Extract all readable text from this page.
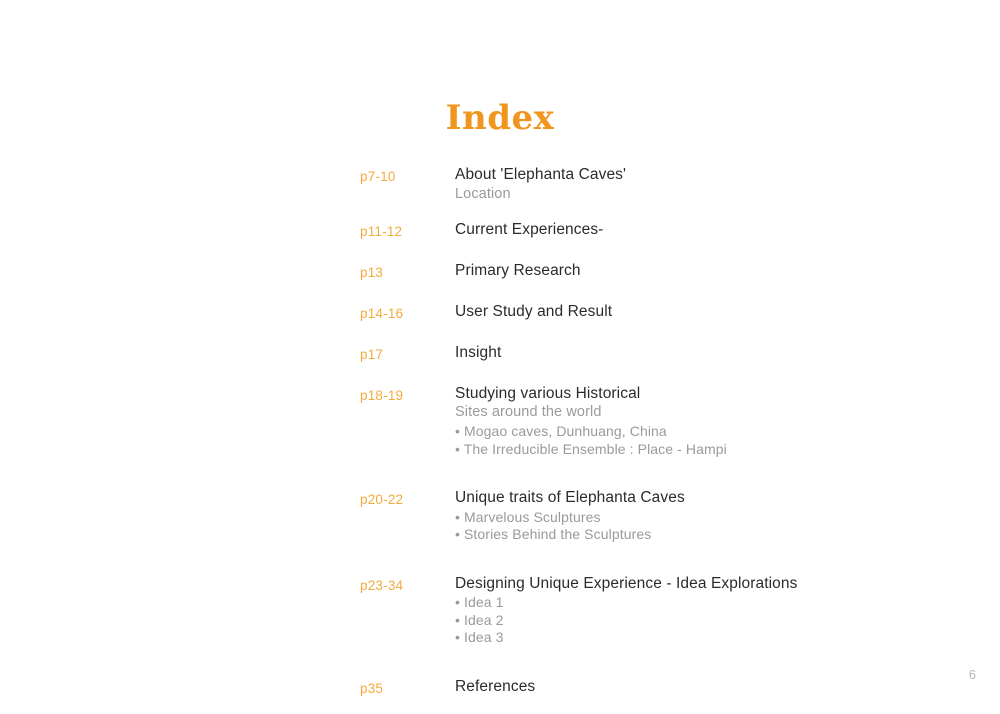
Index
p7-10	About 'Elephanta Caves'
Location
p11-12	Current Experiences-
p13	Primary Research
p14-16	User Study and Result
p17	Insight
p18-19	Studying various Historical
Sites around the world
• Mogao caves, Dunhuang, China
• The Irreducible Ensemble : Place - Hampi
p20-22	Unique traits of Elephanta Caves
• Marvelous Sculptures
• Stories Behind the Sculptures
p23-34	Designing Unique Experience - Idea Explorations
• Idea 1
• Idea 2
• Idea 3
p35	References
6
